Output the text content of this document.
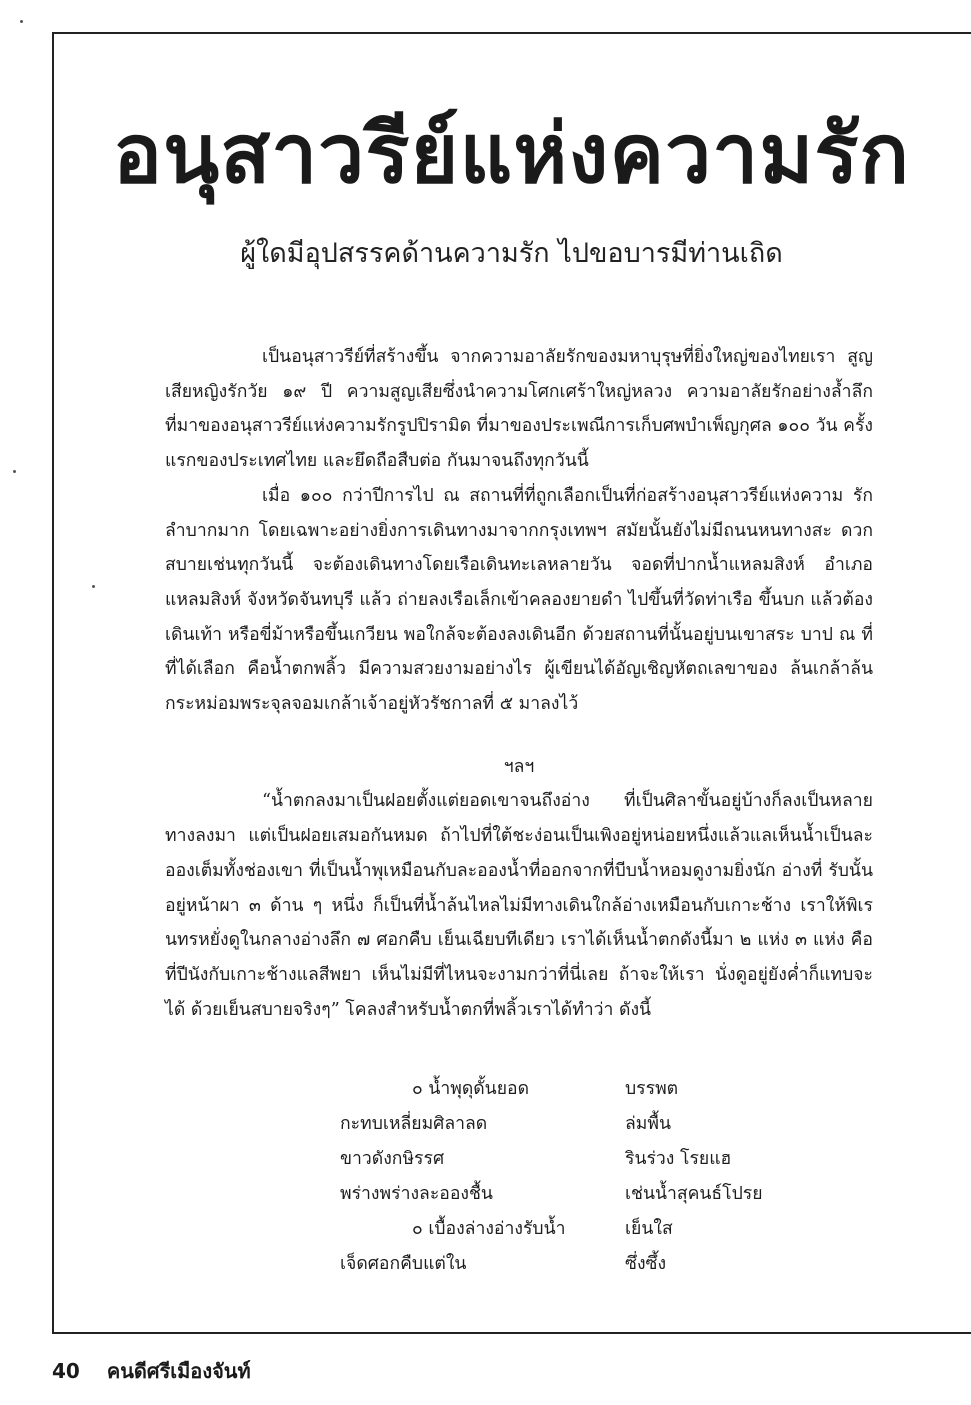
อนุสาวรีย์แห่งความรัก
ผู้ใดมีอุปสรรคด้านความรัก ไปขอบารมีท่านเถิด

เป็นอนุสาวรีย์ที่สร้างขึ้น จากความอาลัยรักของมหาบุรุษที่ยิ่งใหญ่ของไทยเรา สูญเสียหญิงรักวัย ๑๙ ปี ความสูญเสียซึ่งนำความโศกเศร้าใหญ่หลวง ความอาลัยรักอย่างล้ำลึก ที่มาของอนุสาวรีย์แห่งความรักรูปปิรามิด ที่มาของประเพณีการเก็บศพบำเพ็ญกุศล ๑๐๐ วัน ครั้งแรกของประเทศไทย และยึดถือสืบต่อ กันมาจนถึงทุกวันนี้

เมื่อ ๑๐๐ กว่าปีการไป ณ สถานที่ที่ถูกเลือกเป็นที่ก่อสร้างอนุสาวรีย์แห่งความ รัก ลำบากมาก โดยเฉพาะอย่างยิ่งการเดินทางมาจากกรุงเทพฯ สมัยนั้นยังไม่มีถนนหนทางสะ ดวกสบายเช่นทุกวันนี้ จะต้องเดินทางโดยเรือเดินทะเลหลายวัน จอดที่ปากน้ำแหลมสิงห์ อำเภอแหลมสิงห์ จังหวัดจันทบุรี แล้ว ถ่ายลงเรือเล็กเข้าคลองยายดำ ไปขึ้นที่วัดท่าเรือ ขึ้นบก แล้วต้องเดินเท้า หรือขี่ม้าหรือขึ้นเกวียน พอใกล้จะต้องลงเดินอีก ด้วยสถานที่นั้นอยู่บนเขาสระ บาป ณ ที่ที่ได้เลือก คือน้ำตกพลิ้ว มีความสวยงามอย่างไร ผู้เขียนได้อัญเชิญหัตถเลขาของ ล้นเกล้าล้นกระหม่อมพระจุลจอมเกล้าเจ้าอยู่หัวรัชกาลที่ ๕ มาลงไว้

ฯลฯ

“น้ำตกลงมาเป็นฝอยตั้งแต่ยอดเขาจนถึงอ่าง ที่เป็นศิลาขั้นอยู่บ้างก็ลงเป็นหลาย ทางลงมา แต่เป็นฝอยเสมอกันหมด ถ้าไปที่ใต้ชะง่อนเป็นเพิงอยู่หน่อยหนึ่งแล้วแลเห็นน้ำเป็นละ อองเต็มทั้งช่องเขา ที่เป็นน้ำพุเหมือนกับละอองน้ำที่ออกจากที่บีบน้ำหอมดูงามยิ่งนัก อ่างที่ รับนั้นอยู่หน้าผา ๓ ด้าน ๆ หนึ่ง ก็เป็นที่น้ำล้นไหลไม่มีทางเดินใกล้อ่างเหมือนกับเกาะช้าง เราให้พิเรนทรหยั่งดูในกลางอ่างลึก ๗ ศอกคืบ เย็นเฉียบทีเดียว เราได้เห็นน้ำตกดังนี้มา ๒ แห่ง ๓ แห่ง คือ ที่ปีนังกับเกาะช้างแลสีพยา เห็นไม่มีที่ไหนจะงามกว่าที่นี่เลย ถ้าจะให้เรา นั่งดูอยู่ยังค่ำก็แทบจะได้ ด้วยเย็นสบายจริงๆ” โคลงสำหรับน้ำตกที่พลิ้วเราได้ทำว่า ดังนี้

๐ น้ำพุดุดั้นยอด	บรรพต
กะทบเหลี่ยมศิลาลด	ล่มพื้น
ขาวดังกษิรรศ	รินร่วง โรยแฮ
พร่างพร่างละอองชื้น	เช่นน้ำสุคนธ์โปรย
๐ เบื้องล่างอ่างรับน้ำ	เย็นใส
เจ็ดศอกคืบแต่ใน	ซึ่งซึ้ง
40 คนดีศรีเมืองจันท์
